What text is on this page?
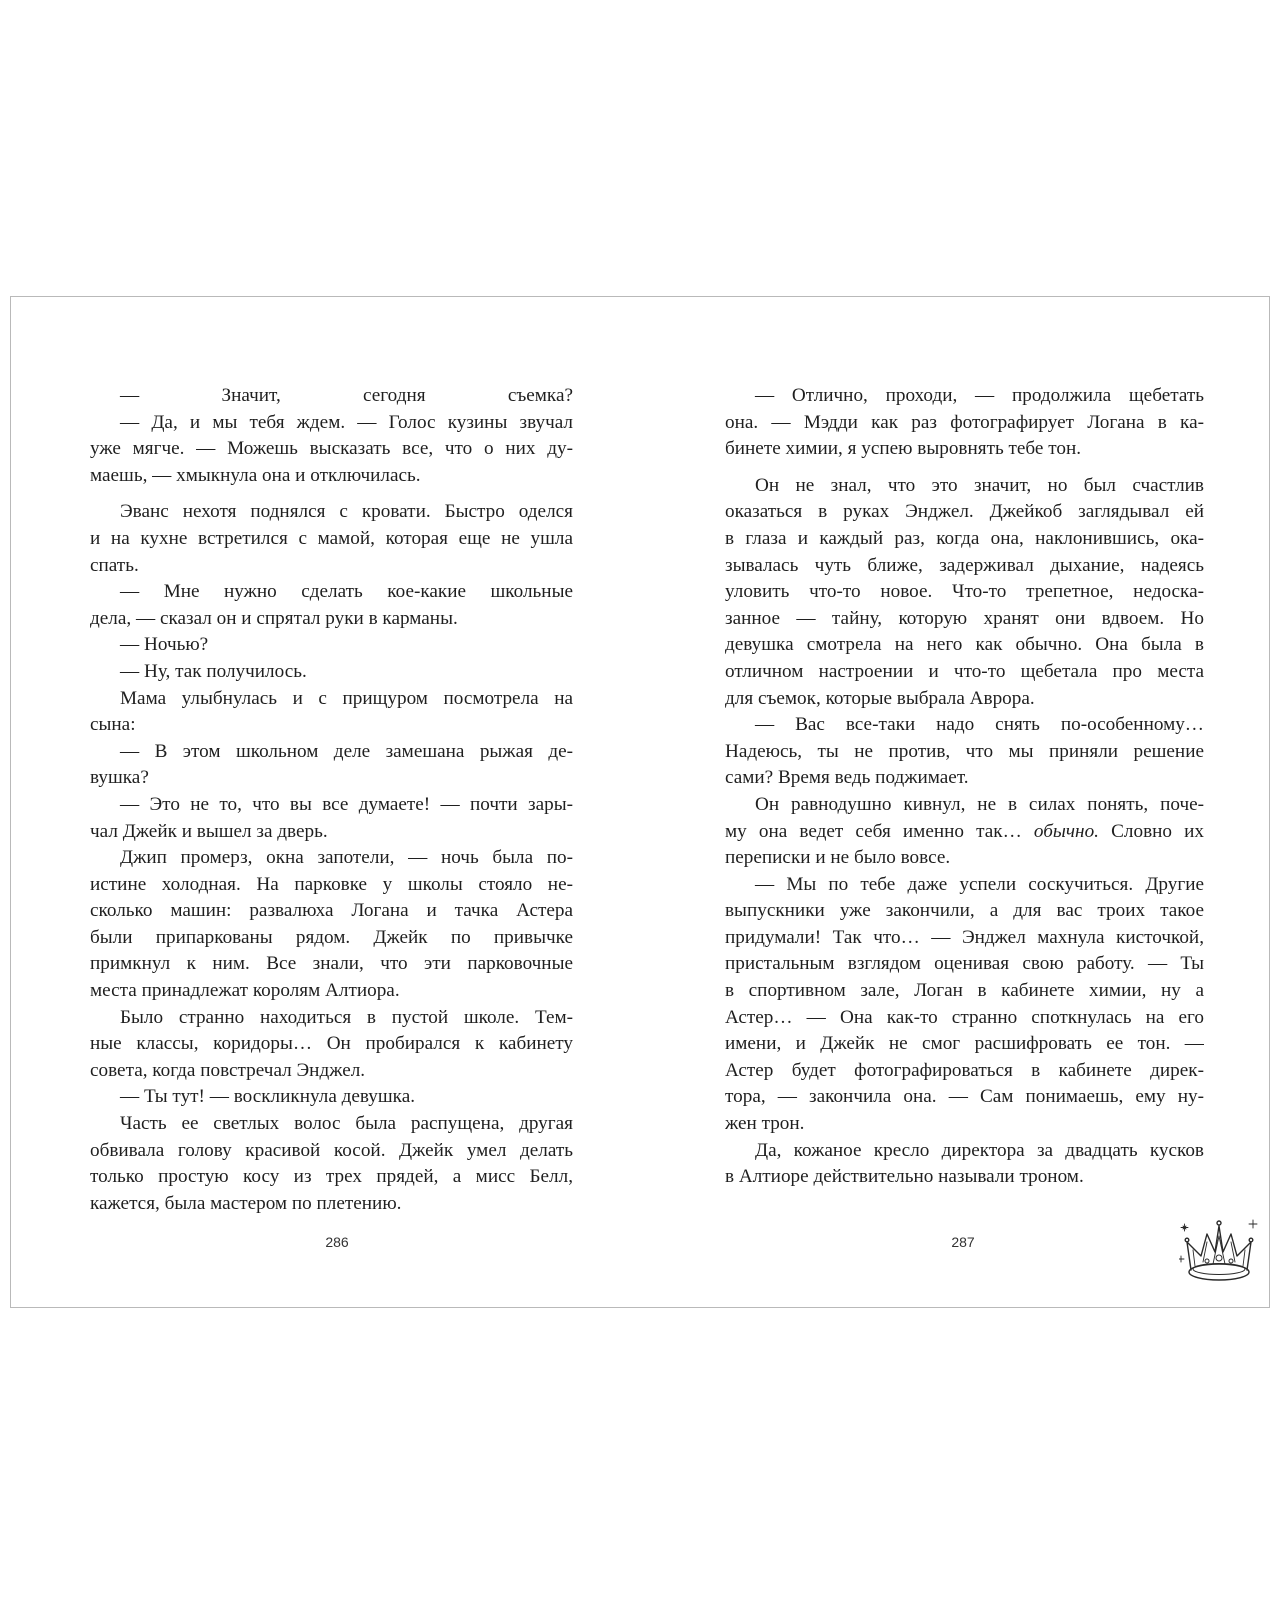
— Значит, сегодня съемка?
— Да, и мы тебя ждем. — Голос кузины звучал
уже мягче. — Можешь высказать все, что о них ду-
маешь, — хмыкнула она и отключилась.
Эванс нехотя поднялся с кровати. Быстро оделся
и на кухне встретился с мамой, которая еще не ушла
спать.
— Мне нужно сделать кое-какие школьные
дела, — сказал он и спрятал руки в карманы.
— Ночью?
— Ну, так получилось.
Мама улыбнулась и с прищуром посмотрела на
сына:
— В этом школьном деле замешана рыжая де-
вушка?
— Это не то, что вы все думаете! — почти зары-
чал Джейк и вышел за дверь.
Джип промерз, окна запотели, — ночь была по-
истине холодная. На парковке у школы стояло не-
сколько машин: развалюха Логана и тачка Астера
были припаркованы рядом. Джейк по привычке
примкнул к ним. Все знали, что эти парковочные
места принадлежат королям Алтиора.
Было странно находиться в пустой школе. Тем-
ные классы, коридоры… Он пробирался к кабинету
совета, когда повстречал Энджел.
— Ты тут! — воскликнула девушка.
Часть ее светлых волос была распущена, другая
обвивала голову красивой косой. Джейк умел делать
только простую косу из трех прядей, а мисс Белл,
кажется, была мастером по плетению.
— Отлично, проходи, — продолжила щебетать
она. — Мэдди как раз фотографирует Логана в ка-
бинете химии, я успею выровнять тебе тон.
Он не знал, что это значит, но был счастлив
оказаться в руках Энджел. Джейкоб заглядывал ей
в глаза и каждый раз, когда она, наклонившись, ока-
зывалась чуть ближе, задерживал дыхание, надеясь
уловить что-то новое. Что-то трепетное, недоска-
занное — тайну, которую хранят они вдвоем. Но
девушка смотрела на него как обычно. Она была в
отличном настроении и что-то щебетала про места
для съемок, которые выбрала Аврора.
— Вас все-таки надо снять по-особенному…
Надеюсь, ты не против, что мы приняли решение
сами? Время ведь поджимает.
Он равнодушно кивнул, не в силах понять, поче-
му она ведет себя именно так… обычно. Словно их
переписки и не было вовсе.
— Мы по тебе даже успели соскучиться. Другие
выпускники уже закончили, а для вас троих такое
придумали! Так что… — Энджел махнула кисточкой,
пристальным взглядом оценивая свою работу. — Ты
в спортивном зале, Логан в кабинете химии, ну а
Астер… — Она как-то странно споткнулась на его
имени, и Джейк не смог расшифровать ее тон. —
Астер будет фотографироваться в кабинете дирек-
тора, — закончила она. — Сам понимаешь, ему ну-
жен трон.
Да, кожаное кресло директора за двадцать кусков
в Алтиоре действительно называли троном.
286	287
